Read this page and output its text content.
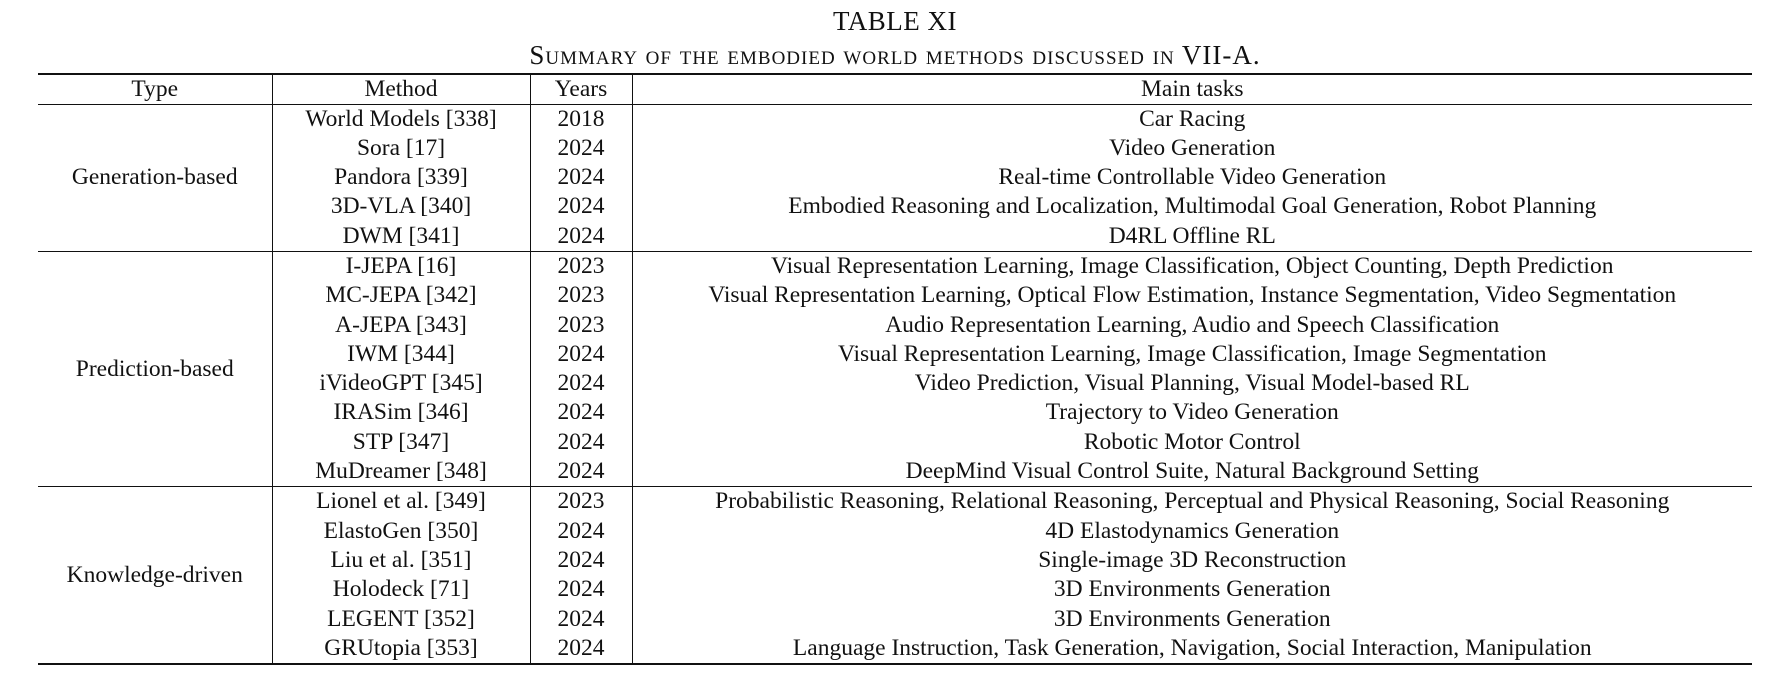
TABLE XI
Summary of the embodied world methods discussed in VII-A.
Type	Method	Years	Main tasks
Generation-based	World Models [338]	2018	Car Racing
	Sora [17]	2024	Video Generation
	Pandora [339]	2024	Real-time Controllable Video Generation
	3D-VLA [340]	2024	Embodied Reasoning and Localization, Multimodal Goal Generation, Robot Planning
	DWM [341]	2024	D4RL Offline RL
Prediction-based	I-JEPA [16]	2023	Visual Representation Learning, Image Classification, Object Counting, Depth Prediction
	MC-JEPA [342]	2023	Visual Representation Learning, Optical Flow Estimation, Instance Segmentation, Video Segmentation
	A-JEPA [343]	2023	Audio Representation Learning, Audio and Speech Classification
	IWM [344]	2024	Visual Representation Learning, Image Classification, Image Segmentation
	iVideoGPT [345]	2024	Video Prediction, Visual Planning, Visual Model-based RL
	IRASim [346]	2024	Trajectory to Video Generation
	STP [347]	2024	Robotic Motor Control
	MuDreamer [348]	2024	DeepMind Visual Control Suite, Natural Background Setting
Knowledge-driven	Lionel et al. [349]	2023	Probabilistic Reasoning, Relational Reasoning, Perceptual and Physical Reasoning, Social Reasoning
	ElastoGen [350]	2024	4D Elastodynamics Generation
	Liu et al. [351]	2024	Single-image 3D Reconstruction
	Holodeck [71]	2024	3D Environments Generation
	LEGENT [352]	2024	3D Environments Generation
	GRUtopia [353]	2024	Language Instruction, Task Generation, Navigation, Social Interaction, Manipulation
